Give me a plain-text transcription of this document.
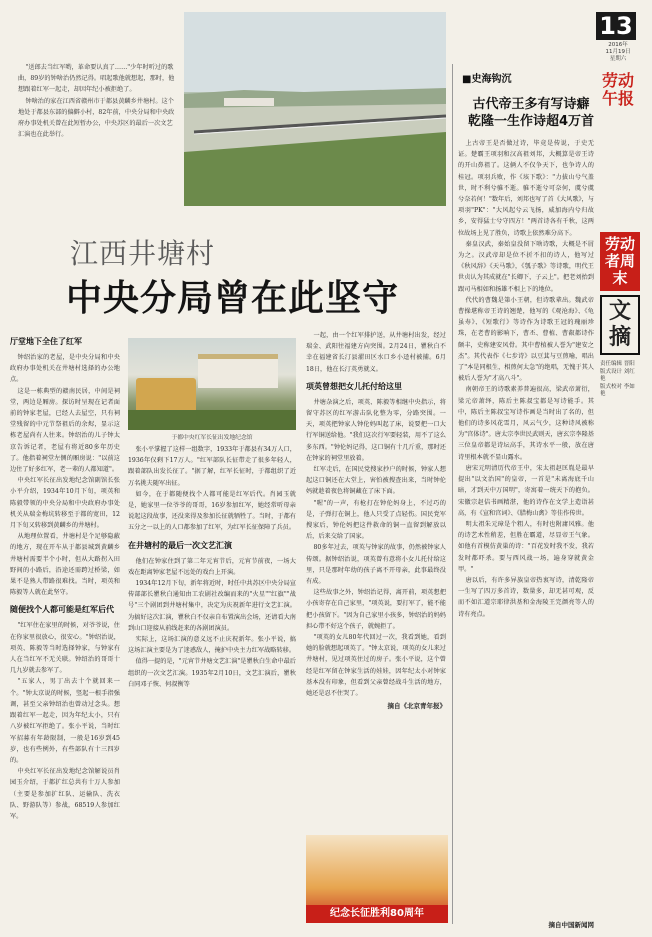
"送郎去当红军哟，革命要认真了……"少年时听过的歌曲，89岁的钟啥治仍然记得。唱起歌他就想起，那时，他想跟着红军一起走，却因年纪小被拒绝了。

钟啥治的家在江西省赣州市于都县黄麟乡井塘村。这个地处于都县东部的偏僻小村，82年前，中央分局和中央政府办事处机关曾在此短暂办公，中央苏区的最后一次文艺汇演也在此举行。

江西井塘村
中央分局曾在此坚守
厅堂地下全住了红军

钟绍治家的老屋，是中央分局和中央政府办事处机关在井塘村选择的办公地点。

这是一栋典型的赣南民居，中间是祠堂，两边是厢房。探访时呈现在记者面前的钟家老屋，已经人去屋空，只有祠堂残留的中元节祭祖后的余烬，显示这栋老屋尚有人往来。钟绍治的儿子钟太京告诉记者，老屋有将近80多年历史了。他指着祠堂左侧的厢房说："以前这边住了好多红军，老一辈的人都知道"。

中央红军长征出发地纪念馆副馆长张小平介绍，1934年10月下旬，项英和陈毅带领的中央分局和中央政府办事处机关从瑞金梅坑转移至于都的宽田，12月下旬又转移到黄麟乡的井塘村。

从地理位置看，井塘村是个足够隐蔽的地方，现在开车从于都县城到黄麟乡井塘村需要半个小时，但从大路拐入田野间的小路后，沿途还需跨过桥梁，如果不是熟人带路很难找。当时，项英和陈毅等人就在此坚守。

随便找个人都可能是红军后代

"红军住在家里的时候，对爷爷说，住在你家里很放心，很安心。"钟绍治说，项英、陈毅等当时选择钟家，与钟家有人在当红军不无关联。钟绍治的哥哥十几九岁就去参军了。

"五家人，男丁出去十个就回来一个。"钟太京说的时候，竖起一根手指强调，甚至父亲钟绍治也曾动过念头。想跟着红军一起走，因为年纪太小，只有八岁被红军拒绝了。张小平说，当时红军招募有年龄限制，一般是16岁到45岁，也有些例外，有些部队有十三四岁的。

中央红军长征出发地纪念馆解说员肖园玉介绍，于都扩红总共有十万人参加（主要是参加扩红队、运输队、洗衣队、野游队等）参战，68519人参加红军。

于都中央红军长征出发地纪念馆

张小平掌握了这样一组数字，1933年于都县有34万人口，1936年仅剩下17万人。"红军部队长征带走了很多年轻人，跟着部队出发长征了。"据了解，红军长征时，于都组织了近万名挑夫随军出征。

如今，在于都随便找个人都可能是红军后代。肖园玉就是，她家里一位爷爷的哥哥，16岁参加红军，她经常听母亲说起这段故事，还没来得及参加长征就牺牲了。当时，于都有五分之一以上的人口都参加了红军，为红军长征保障了兵员。

在井塘村的最后一次文艺汇演

他们在钟家住到了第二年元宵节后，元宵节前夜，一场大戏在距离钟家老屋不远处的戏台上开演。

1934年12月下旬，新年将近时，时任中共苏区中央分局宣传部部长瞿秋白通知由工农剧社改编而来的"火星""红旗""战号"三个剧团到井塘村集中，决定为庆祝新年进行文艺汇演。为搞好这次汇演，瞿秋白不仅亲自布置演出会场，还请看大南到山口迎接从前线赶来的各剧团演员。

实际上，这场汇演的意义远不止庆祝新年。张小平说，搞这场汇演主要是为了迷惑敌人，掩护中央主力红军战略转移。

值得一提的是，"元宵节井塘文艺汇演"是瞿秋白生命中最后组织的一次文艺汇演。1935年2月10日，文艺汇演后，瞿秋白同邓子恢、何叔衡等

一起，由一个红军排护送，从井塘村出发，经过瑞金、武阳往福建方向突围。2月24日，瞿秋白不幸在福建省长汀县濯田区水口乡小迳村被捕。6月18日，他在长汀英勇就义。

项英曾想把女儿托付给这里

井塘杂演之后，项英、陈毅等相继中央指示，将留守苏区的红军游击队化整为零，分路突围。一天，项英把钟家人钟伦妈叫起了床，说要把一口大行军铜送给他。"我们这次行军要轻装，用不了这么多东西。"钟伦妈记得，这口铜有十几斤重，那时还在钟家的祠堂里放着。

红军走后，在国民党搜家抄户的时候，钟家人想起这口铜还在大堂上，害怕被搜查出来，当时钟伦妈就趁着夜色将铜藏在了床下面。

"喔"的一声，有枪打在钟伦妈身上，不过巧的是，子弹打在铜上，他人只受了点轻伤。国民党军搜家后，钟伦妈把这件救命的铜一直留到解放以后，后来交给了国家。

80多年过去，项英与钟家的故事，仍然被钟家人传颂。据钟绍治说，项英曾有意将小女儿托付给这里，只是那时年幼的孩子离不开母亲，此事最终没有成。

这些故事之外，钟绍治记得，离开前，项英想把小孩寄存在自己家里，"项英说，要打军了，能不能把小孩留下。"因为自己家里小孩多，钟绍治的妈妈担心带不好这个孩子，就婉拒了。

"项英的女儿80年代回过一次，我看到她，看到她的脸就想起项英了。"钟太京说，项英的女儿来过井塘村，见过项英住过的房子。张小平说，这个曾经是红军留在钟家生活的娃娃，因年纪太小对钟家基本没有印象，但看到父亲曾经战斗生活的地方，她还是忍不住哭了。

摘自《北京青年报》
纪念长征胜利80周年
13
2016年
11月19日
星期六
劳动午报
■史海钩沉
古代帝王多有写诗癖
乾隆一生作诗超4万首

上古帝王是否做过诗，毕竟是传说，于史无证。楚霸王项羽和汉高祖刘邦，大概算是帝王诗的开山鼻祖了。这俩人不仅争天下，也争诗人的桂冠。项羽兵败，作《垓下歌》："力拔山兮气盖世，时不利兮骓不逝。骓不逝兮可奈何，虞兮虞兮奈若何！"数年后，刘邦也写了首《大风歌》，与项羽"PK"："大风起兮云飞扬，威加海内兮归故乡，安得猛士兮守四方！"两首诗各有千秋，这两位故场上见了胜负，诗歌上依然难分高下。

秦皇汉武，秦始皇没留下啥诗歌，大概是不屑为之。汉武帝却是位不折不扣的诗人，他写过《秋风辞》《天马歌》，《瓠子歌》等诗歌，明代王世贞认为其成就在"长卿下，子云上"。把老刘抬到跟司马相如和扬雄不相上下的地位。

代代的曹魏是第小王朝，但诗歌辈出。魏武帝曹操堪称帝王诗的翘楚，他写的《观沧海》、《龟虽寿》、《短歌行》等诗作为诗歌王冠的瑰丽珍珠，在老曹的影响下，曹丕、曹植、曹叡都诗作颇丰，史称建安风骨。其中曹植被人誉为"建安之杰"。其代表作《七步诗》以豆萁与豆煎喻，唱出了"本是同根生，相煎何太急"的绝唱，无愧于其人被后人誉为"才高八斗"。

南朝帝王的诗歌素养普遍很高，梁武帝萧衍，梁元帝萧绎，陈后主陈叔宝都是写诗能手。其中，陈后主陈叔宝写诗作画是当时出了名的，但他们的诗多风花雪月，风云气少，这种诗风被称为"宫体诗"。唐太宗李世民武则天，唐玄宗李隆基三位皇帝都是诗坛高手，其诗水平一般，放在唐诗里根本就不显山露水。

唐宋元明清历代帝王中，宋太祖赵匡胤是最早提出"以文治国"的皇帝，一首是"未离海底千山暗，才到天中万国明"，寄寓着一统天下的抱负。宋徽宗赵佶书画精湛，他的诗作在文学上造诣甚高，有《宣和宫词》、《腊梅山禽》等佳作传世。

明太祖朱元璋是个粗人，有时也附庸风雅。他的诗艺术性稍差，但胜在霸道，尽显帝王气象。如他有首模仿黄巢的诗："百花发时我不发，我若发时都吓杀。要与西风战一场，遍身穿就黄金甲。"

唐以后，有许多异族皇帝热衷写诗，清乾隆帝一生写了四万多首诗，数量多，却无甚可观，反而不如汇道宗耶律洪基和金海陵王完颜亮等人的诗有亮点。

摘自中国新闻网
劳动者周末
文摘
责任编辑 晋阳
版式设计 刘红艳
版式校对 李如艳
